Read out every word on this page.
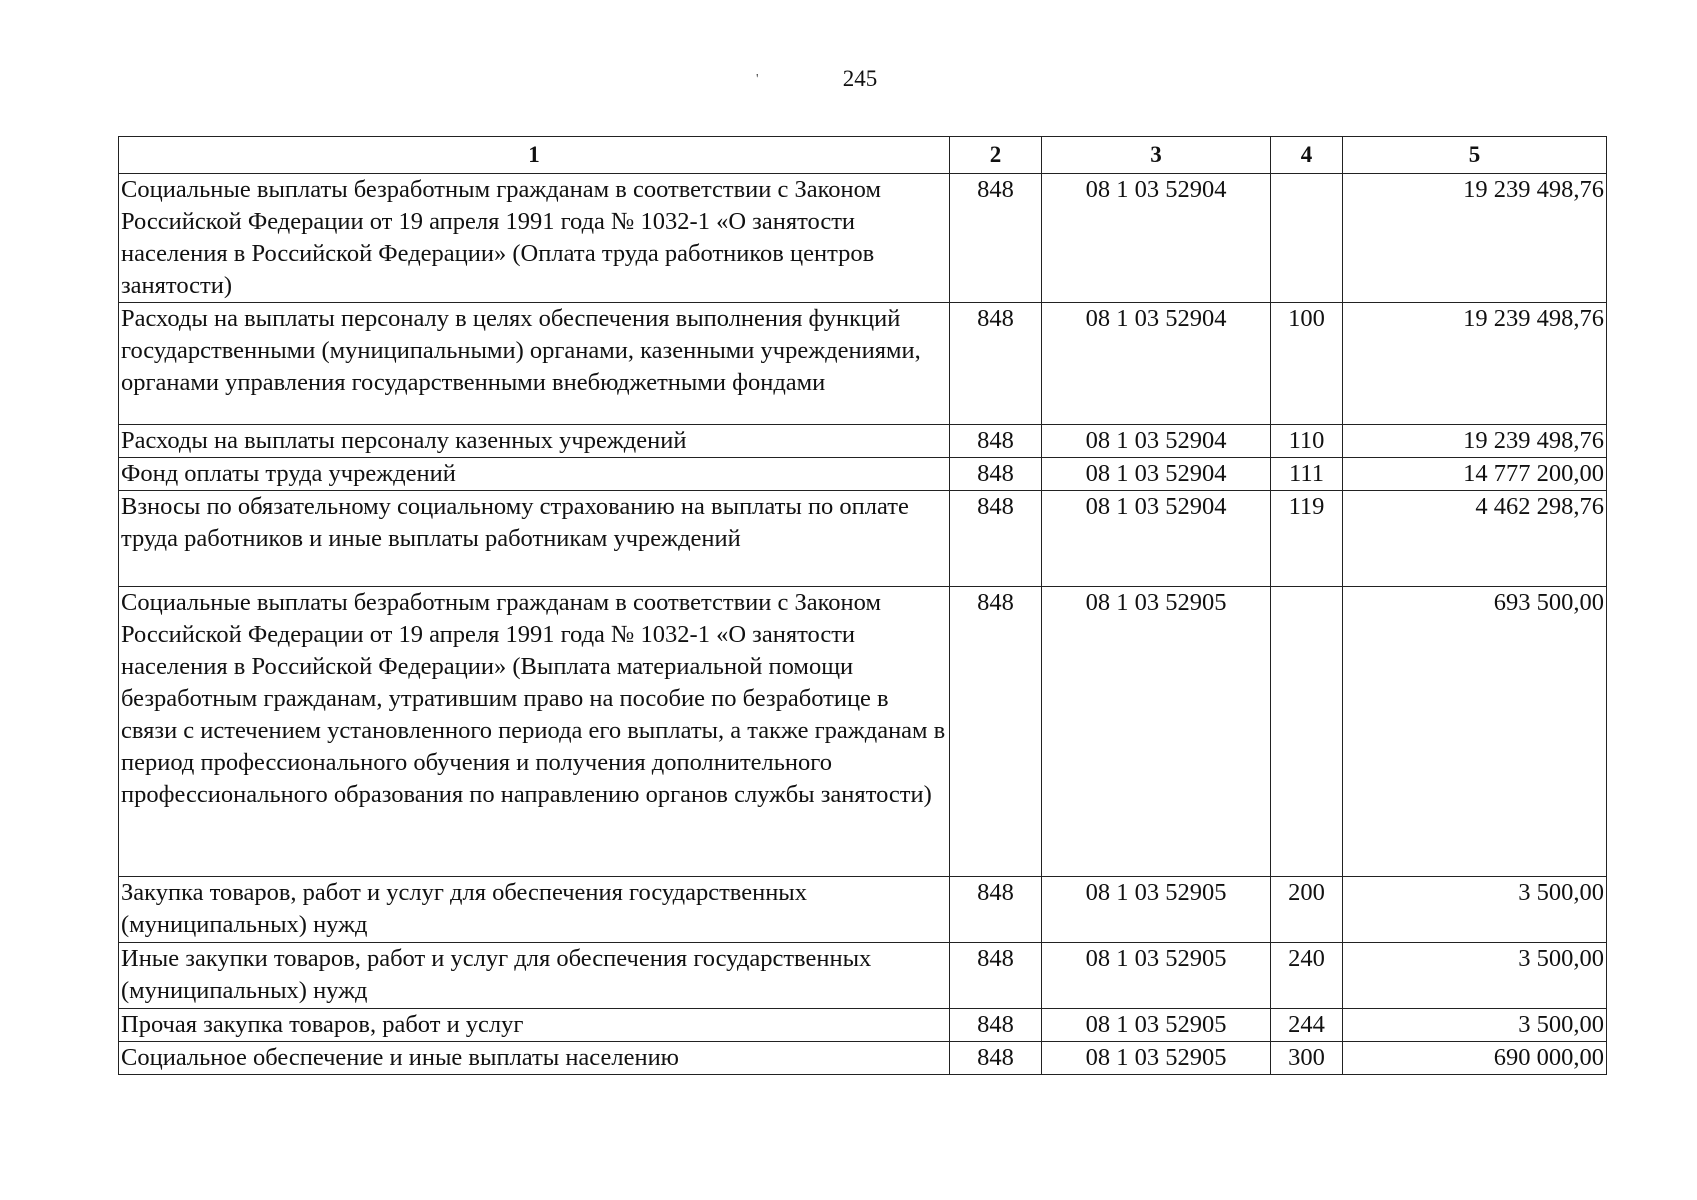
245
'
1	2	3	4	5
Социальные выплаты безработным гражданам в соответствии с Законом Российской Федерации от 19 апреля 1991 года № 1032-1 «О занятости населения в Российской Федерации» (Оплата труда работников центров занятости)	848	08 1 03 52904		19 239 498,76
Расходы на выплаты персоналу в целях обеспечения выполнения функций государственными (муниципальными) органами, казенными учреждениями, органами управления государственными внебюджетными фондами	848	08 1 03 52904	100	19 239 498,76
Расходы на выплаты персоналу казенных учреждений	848	08 1 03 52904	110	19 239 498,76
Фонд оплаты труда учреждений	848	08 1 03 52904	111	14 777 200,00
Взносы по обязательному социальному страхованию на выплаты по оплате труда работников и иные выплаты работникам учреждений	848	08 1 03 52904	119	4 462 298,76
Социальные выплаты безработным гражданам в соответствии с Законом Российской Федерации от 19 апреля 1991 года № 1032-1 «О занятости населения в Российской Федерации» (Выплата материальной помощи безработным гражданам, утратившим право на пособие по безработице в связи с истечением установленного периода его выплаты, а также гражданам в период профессионального обучения и получения дополнительного профессионального образования по направлению органов службы занятости)	848	08 1 03 52905		693 500,00
Закупка товаров, работ и услуг для обеспечения государственных (муниципальных) нужд	848	08 1 03 52905	200	3 500,00
Иные закупки товаров, работ и услуг для обеспечения государственных (муниципальных) нужд	848	08 1 03 52905	240	3 500,00
Прочая закупка товаров, работ и услуг	848	08 1 03 52905	244	3 500,00
Социальное обеспечение и иные выплаты населению	848	08 1 03 52905	300	690 000,00
